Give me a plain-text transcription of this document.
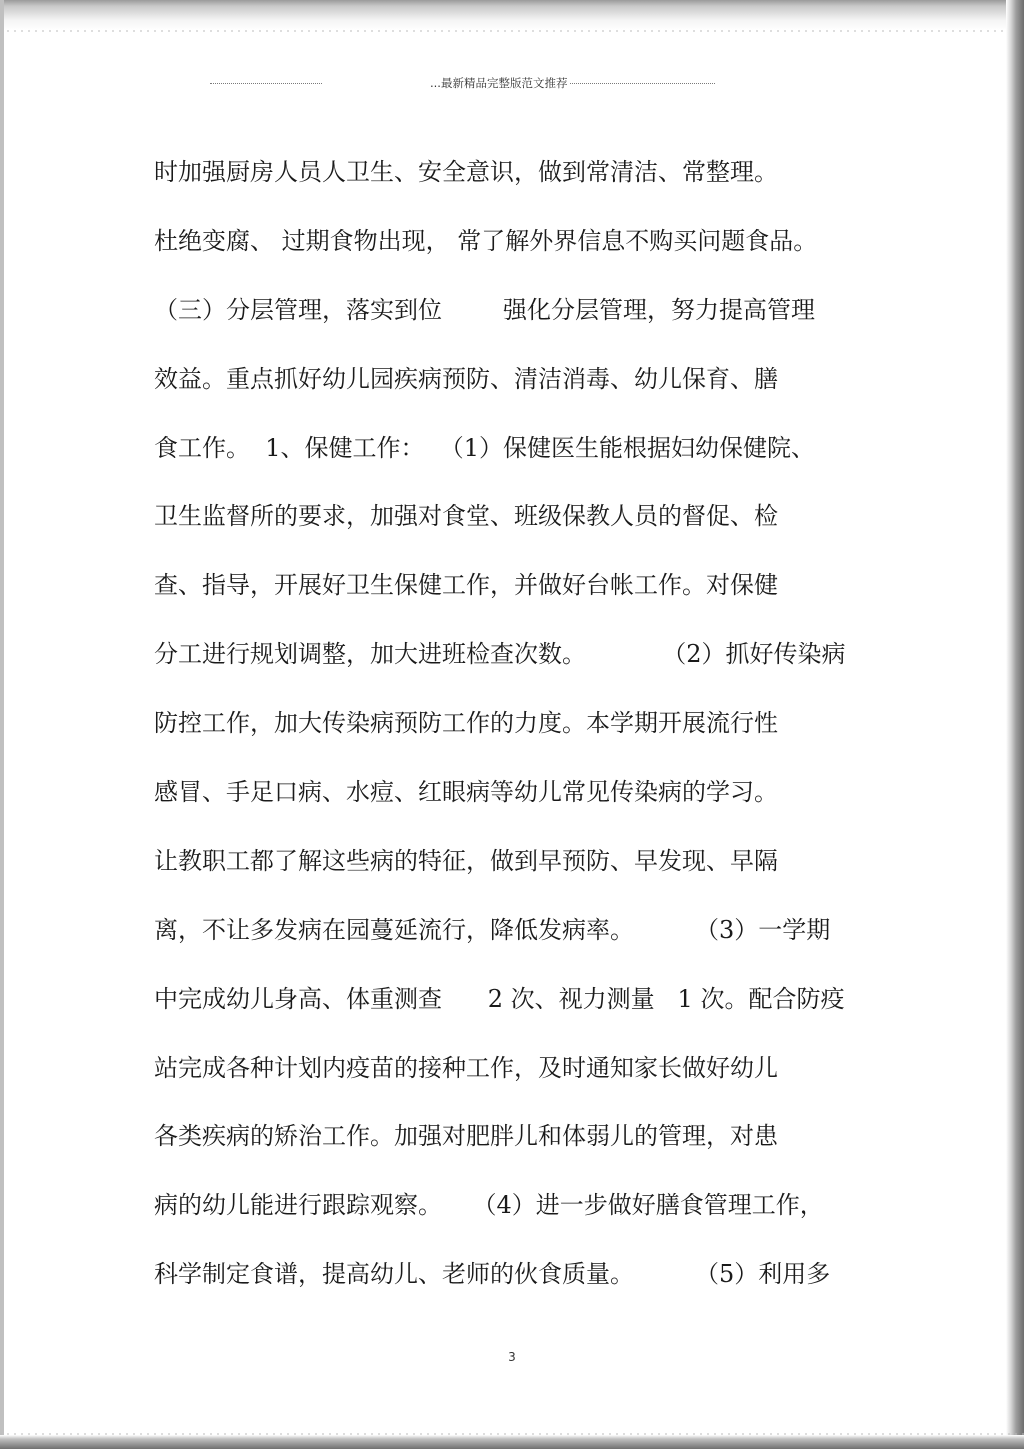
...最新精品完整版范文推荐
时加强厨房人员人卫生、安全意识，做到常清洁、常整理。
杜绝变腐、 过期食物出现， 常了解外界信息不购买问题食品。
（三）分层管理，落实到位        强化分层管理，努力提高管理
效益。重点抓好幼儿园疾病预防、清洁消毒、幼儿保育、膳
食工作。  1、保健工作：  （1）保健医生能根据妇幼保健院、
卫生监督所的要求，加强对食堂、班级保教人员的督促、检
查、指导，开展好卫生保健工作，并做好台帐工作。对保健
分工进行规划调整，加大进班检查次数。          （2）抓好传染病
防控工作，加大传染病预防工作的力度。本学期开展流行性
感冒、手足口病、水痘、红眼病等幼儿常见传染病的学习。
让教职工都了解这些病的特征，做到早预防、早发现、早隔
离，不让多发病在园蔓延流行，降低发病率。        （3）一学期
中完成幼儿身高、体重测查      2 次、视力测量   1 次。配合防疫
站完成各种计划内疫苗的接种工作，及时通知家长做好幼儿
各类疾病的矫治工作。加强对肥胖儿和体弱儿的管理，对患
病的幼儿能进行跟踪观察。    （4）进一步做好膳食管理工作，
科学制定食谱，提高幼儿、老师的伙食质量。        （5）利用多
3
